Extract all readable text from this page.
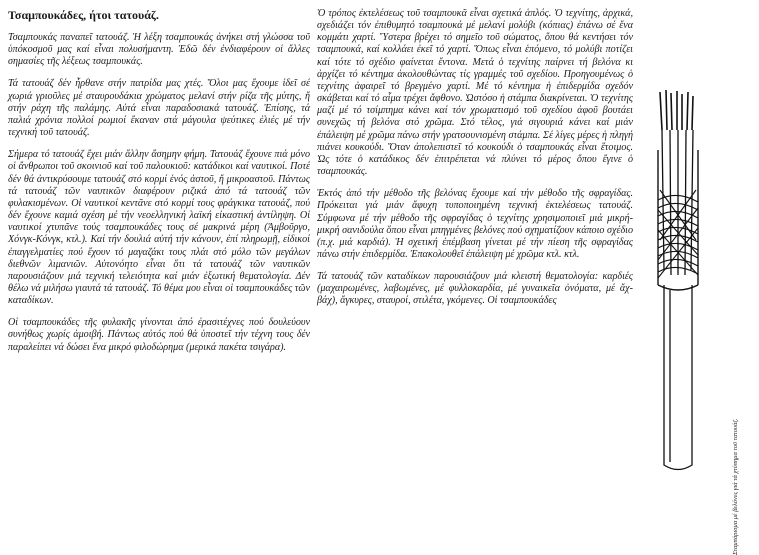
Τσαμπουκάδες, ήτοι τατουάζ.
Τσαμπουκάς παναπεῖ τατουάζ. Ἡ λέξη τσαμπουκάς ἀνήκει στή γλώσσα τοῦ ὑπόκοσμοῦ μας καί εἶναι πολυσήμαντη. Ἐδῶ δέν ἐνδιαφέρουν οἱ ἄλλες σημασίες τῆς λέξεως τσαμπουκάς.
Τά τατουάζ δέν ἦρθανε στήν πατρίδα μας χτές. Ὅλοι μας ἔχουμε ἰδεῖ σέ χωριά γριοῦλες μέ σταυρουδάκια χρώματος μελανί στήν ρίζα τῆς μύτης, ἤ στήν ράχη τῆς παλάμης. Αὐτά εἶναι παραδοσιακά τατουάζ. Ἐπίσης, τά παλιά χρόνια πολλοί ρωμιοί ἔκαναν στά μάγουλα ψεύτικες ἐλιές μέ τήν τεχνική τοῦ τατουάζ.
Σήμερα τό τατουάζ ἔχει μιάν ἄλλην ἄσημην φήμη. Τατουάζ ἔχουνε πιά μόνο οἱ ἄνθρωποι τοῦ σκοινιοῦ καί τοῦ παλουκιοῦ: κατάδικοι καί ναυτικοί. Ποτέ δέν θά ἀντικρύσουμε τατουάζ στό κορμί ἑνός ἀστοῦ, ἤ μικροαστοῦ. Πάντως τά τατουάζ τῶν ναυτικῶν διαφέρουν ριζικά ἀπό τά τατουάζ τῶν φυλακισμένων. Οἱ ναυτικοί κεντᾶνε στό κορμί τους φράγκικα τατουάζ, πού δέν ἔχουνε καμιά σχέση μέ τήν νεοελληνική λαϊκή εἰκαστική ἀντίληψη. Οἱ ναυτικοί χτυπᾶνε τούς τσαμπουκάδες τους σέ μακρινά μέρη (Ἀμβοῦργο, Χόνγκ-Κόνγκ, κτλ.). Καί τήν δουλιά αὐτή τήν κάνουν, ἐπί πληρωμῇ, εἰδικοί ἐπαγγελματίες πού ἔχουν τό μαγαζάκι τους πλάι στό μόλο τῶν μεγάλων διεθνῶν λιμανιῶν. Αὐτονόητο εἶναι ὅτι τά τατουάζ τῶν ναυτικῶν παρουσιάζουν μιά τεχνική τελειότητα καί μιάν ἐξωτική θεματολογία. Δέν θέλω νά μιλήσω γιαυτά τά τατουάζ. Τό θέμα μου εἶναι οἱ τσαμπουκάδες τῶν καταδίκων.
Οἱ τσαμπουκάδες τῆς φυλακῆς γίνονται ἀπό ἐρασιτέχνες πού δουλεύουν συνήθως χωρίς ἀμοιβή. Πάντως αὐτός πού θά ὑποστεῖ τήν τέχνη τους δέν παραλείπει νά δώσει ἕνα μικρό φιλοδώρημα (μερικά πακέτα τσιγάρα).
Ὁ τρόπος ἐκτελέσεως τοῦ τσαμπουκᾶ εἶναι σχετικά ἁπλός. Ὁ τεχνίτης, ἀρχικά, σχεδιάζει τόν ἐπιθυμητό τσαμπουκά μέ μελανί μολύβι (κόπιας) ἐπάνω σέ ἕνα κομμάτι χαρτί. Ὕστερα βρέχει τό σημεῖο τοῦ σώματος, ὅπου θά κεντήσει τόν τσαμπουκά, καί κολλάει ἐκεῖ τό χαρτί. Ὅπως εἶναι ἑπόμενο, τό μολύβι ποτίζει καί τότε τό σχέδιο φαίνεται ἔντονα. Μετά ὁ τεχνίτης παίρνει τή βελόνα κι ἀρχίζει τό κέντημα ἀκολουθώντας τίς γραμμές τοῦ σχεδίου. Προηγουμένως ὁ τεχνίτης ἀφαιρεῖ τό βρεγμένο χαρτί. Μέ τό κέντημα ἡ ἐπιδερμίδα σχεδόν σκάβεται καί τό αἷμα τρέχει ἄφθονο. Ὡστόσο ἡ στάμπα διακρίνεται. Ὁ τεχνίτης μαζί μέ τό τσίμπημα κάνει καί τόν χρωματισμό τοῦ σχεδίου ἀφοῦ βουτάει συνεχῶς τή βελόνα στό χρῶμα. Στό τέλος, γιά σιγουριά κάνει καί μιάν ἐπάλειψη μέ χρῶμα πάνω στήν γρατσουνισμένη στάμπα. Σέ λίγες μέρες ἡ πληγή πιάνει κουκούδι. Ὅταν ἀπολεπιστεῖ τό κουκούδι ὁ τσαμπουκάς εἶναι ἕτοιμος. Ὡς τότε ὁ κατάδικος δέν ἐπιτρέπεται νά πλύνει τό μέρος ὅπου ἔγινε ὁ τσαμπουκάς.
Ἐκτός ἀπό τήν μέθοδο τῆς βελόνας ἔχουμε καί τήν μέθοδο τῆς σφραγίδας. Πρόκειται γιά μιάν ἄφυχη τυποποιημένη τεχνική ἐκτελέσεως τατουάζ. Σύμφωνα μέ τήν μέθοδο τῆς σφραγίδας ὁ τεχνίτης χρησιμοποιεῖ μιά μικρή-μικρή σανιδούλα ὅπου εἶναι μπηγμένες βελόνες πού σχηματίζουν κάποιο σχέδιο (π.χ. μιά καρδιά). Ἡ σχετική ἐπέμβαση γίνεται μέ τήν πίεση τῆς σφραγίδας πάνω στήν ἐπιδερμίδα. Ἐπακολουθεῖ ἐπάλειψη μέ χρῶμα κτλ. κτλ.
Τά τατουάζ τῶν καταδίκων παρουσιάζουν μιά κλειστή θεματολογία: καρδιές (μαχαιρωμένες, λαβωμένες, μέ φυλλοκαρδία, μέ γυναικεῖα ὀνόματα, μέ ἄχ-βάχ), ἄγκυρες, σταυροί, στιλέτα, γκόμενες. Οἱ τσαμπουκάδες
Σταμπάρισμα μέ βελόνες γιά τά χτύπημα τοῦ τατουάζ.
